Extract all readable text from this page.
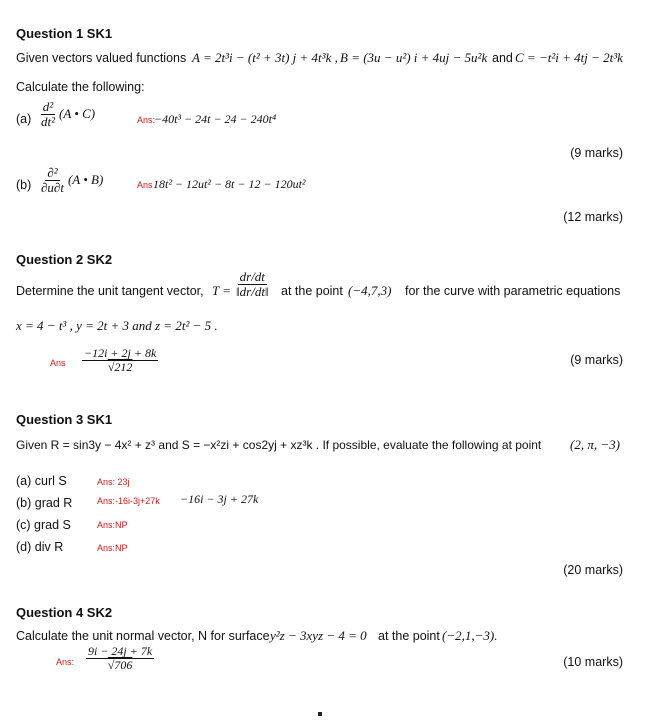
Question 1 SK1
Given vectors valued functions A = 2t³i − (t² + 3t) j + 4t³k , B = (3u − u²) i + 4uj − 5u²k and C = −t²i + 4tj − 2t³k
Calculate the following:
$(a) \frac{\text{d²}}{\text{dt²}} (A$ • C)	Ans:
−40t³ − 24t − 24 − 240t⁴
(9 marks)
$(b) \frac{\text{∂²}}{\partial u\partial t} (A$ • B)	Ans 18t² − 12ut² − 8t − 12 − 120ut²
(12 marks)
Question 2 SK2
Determine the unit tangent vector, $T = \frac{dr/dt}{‖dr/dt‖}$ at the point (−4,7,3) for the curve with parametric equations
x = 4 − t³ , y = 2t + 3 and z = 2t² − 5 .
Ans $\frac{-12i + 2j + 8k}{√212}$	(9 marks)
Question 3 SK1
Given R = sin3y − 4x² + z³ and S = −x²zi + cos2yj + xz³k . If possible, evaluate the following at point (2, π, −3)
(a) curl S	Ans: 23j
(b) grad R	Ans:-16i-3j+27k −16i − 3j + 27k
(c) grad S	Ans:NP
(d) div R	Ans:NP
(20 marks)
Question 4 SK2
Calculate the unit normal vector, N for surface y²z − 3xyz − 4 = 0 at the point (−2,1,−3).
Ans: $\frac{9i - 24j + 7k}{√706}$	(10 marks)
